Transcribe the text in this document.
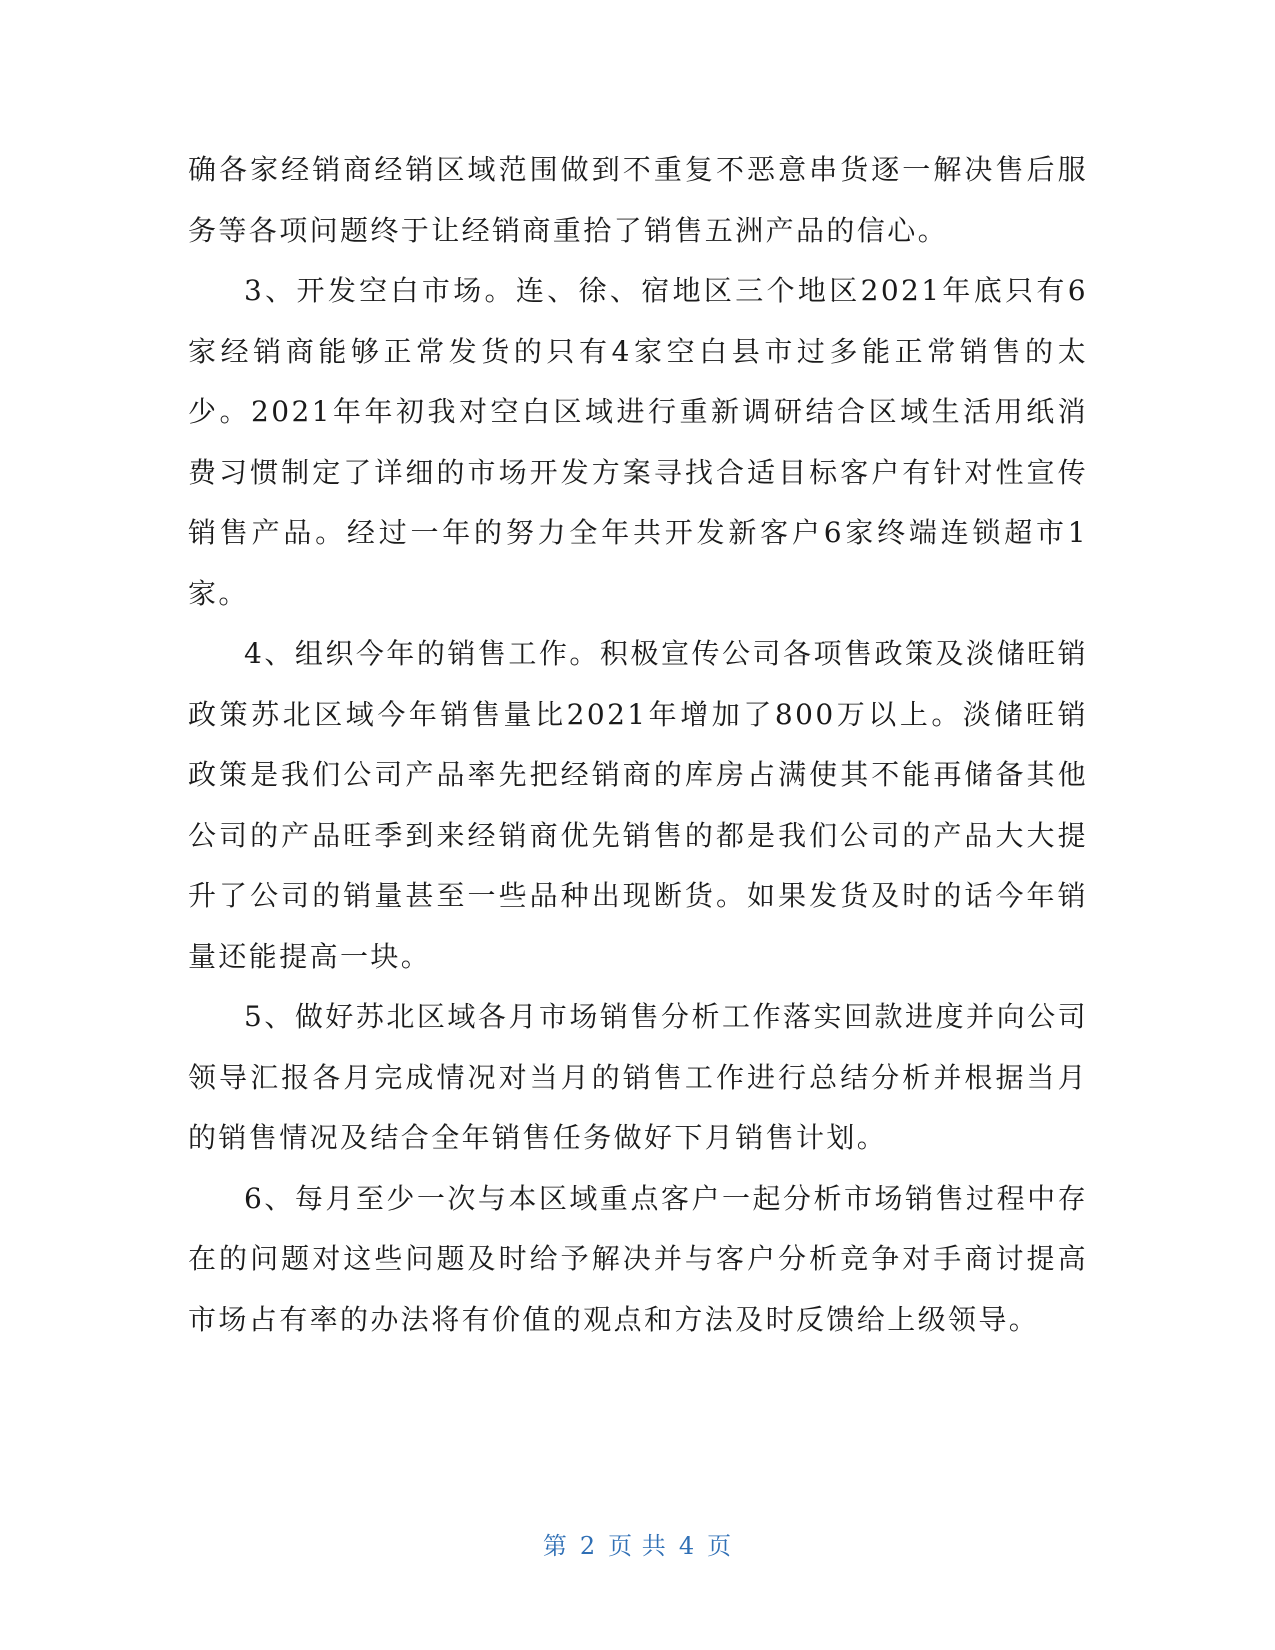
确各家经销商经销区域范围做到不重复不恶意串货逐一解决售后服务等各项问题终于让经销商重拾了销售五洲产品的信心。

3、开发空白市场。连、徐、宿地区三个地区2021年底只有6家经销商能够正常发货的只有4家空白县市过多能正常销售的太少。2021年年初我对空白区域进行重新调研结合区域生活用纸消费习惯制定了详细的市场开发方案寻找合适目标客户有针对性宣传销售产品。经过一年的努力全年共开发新客户6家终端连锁超市1家。

4、组织今年的销售工作。积极宣传公司各项售政策及淡储旺销政策苏北区域今年销售量比2021年增加了800万以上。淡储旺销政策是我们公司产品率先把经销商的库房占满使其不能再储备其他公司的产品旺季到来经销商优先销售的都是我们公司的产品大大提升了公司的销量甚至一些品种出现断货。如果发货及时的话今年销量还能提高一块。

5、做好苏北区域各月市场销售分析工作落实回款进度并向公司领导汇报各月完成情况对当月的销售工作进行总结分析并根据当月的销售情况及结合全年销售任务做好下月销售计划。

6、每月至少一次与本区域重点客户一起分析市场销售过程中存在的问题对这些问题及时给予解决并与客户分析竞争对手商讨提高市场占有率的办法将有价值的观点和方法及时反馈给上级领导。

第 2 页 共 4 页
